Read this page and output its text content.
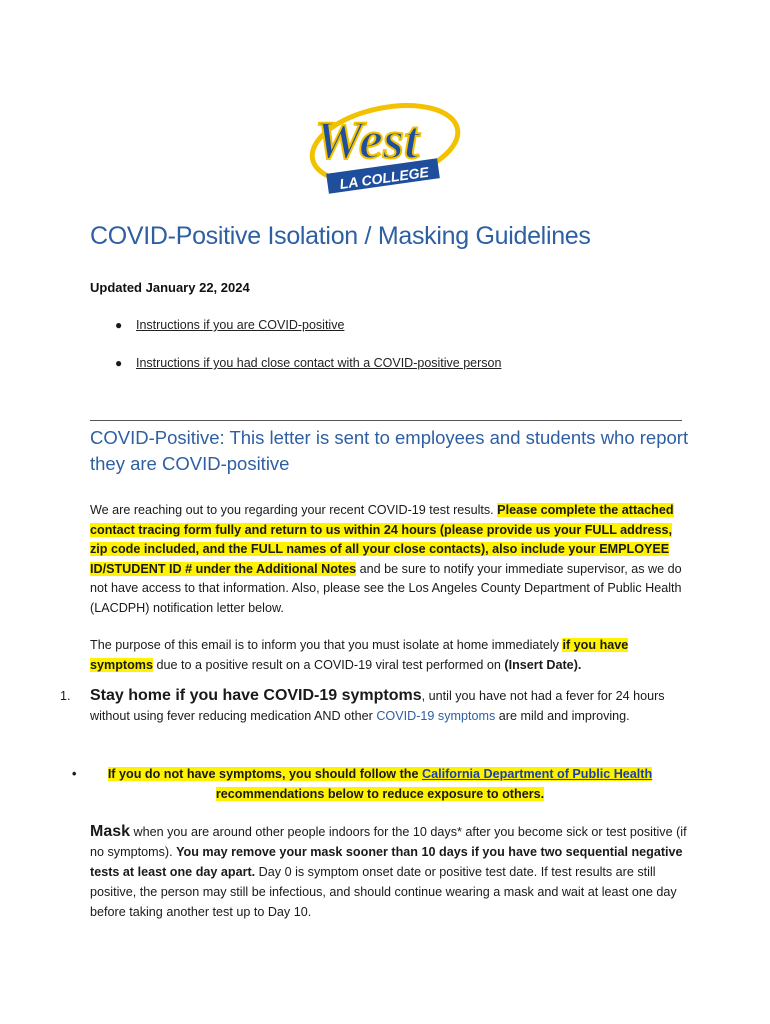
West
LA COLLEGE
COVID-Positive Isolation / Masking Guidelines
Updated January 22, 2024
● Instructions if you are COVID-positive
● Instructions if you had close contact with a COVID-positive person
COVID-Positive: This letter is sent to employees and students who report
they are COVID-positive
We are reaching out to you regarding your recent COVID-19 test results. Please complete the attached contact tracing form fully and return to us within 24 hours (please provide us your FULL address, zip code included, and the FULL names of all your close contacts), also include your EMPLOYEE ID/STUDENT ID # under the Additional Notes and be sure to notify your immediate supervisor, as we do not have access to that information. Also, please see the Los Angeles County Department of Public Health (LACDPH) notification letter below.
The purpose of this email is to inform you that you must isolate at home immediately if you have symptoms due to a positive result on a COVID-19 viral test performed on (Insert Date).
1. Stay home if you have COVID-19 symptoms, until you have not had a fever for 24 hours without using fever reducing medication AND other COVID-19 symptoms are mild and improving.
• If you do not have symptoms, you should follow the California Department of Public Health recommendations below to reduce exposure to others.
Mask when you are around other people indoors for the 10 days* after you become sick or test positive (if no symptoms). You may remove your mask sooner than 10 days if you have two sequential negative tests at least one day apart. Day 0 is symptom onset date or positive test date. If test results are still positive, the person may still be infectious, and should continue wearing a mask and wait at least one day before taking another test up to Day 10.
